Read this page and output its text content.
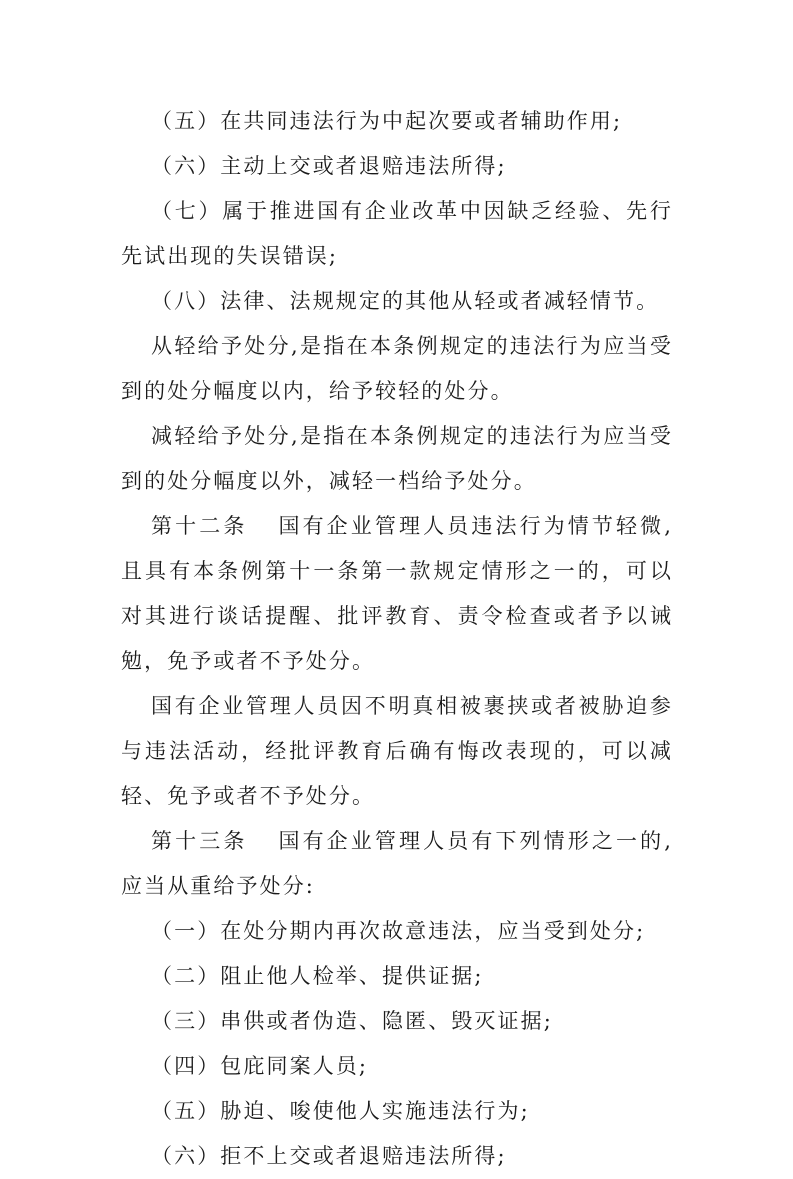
（五）在共同违法行为中起次要或者辅助作用;

（六）主动上交或者退赔违法所得;

（七）属于推进国有企业改革中因缺乏经验、先行先试出现的失误错误;

（八）法律、法规规定的其他从轻或者减轻情节。

从轻给予处分,是指在本条例规定的违法行为应当受到的处分幅度以内，给予较轻的处分。

减轻给予处分,是指在本条例规定的违法行为应当受到的处分幅度以外，减轻一档给予处分。

第十二条 国有企业管理人员违法行为情节轻微,且具有本条例第十一条第一款规定情形之一的，可以对其进行谈话提醒、批评教育、责令检查或者予以诫勉，免予或者不予处分。

国有企业管理人员因不明真相被裹挟或者被胁迫参与违法活动，经批评教育后确有悔改表现的，可以减轻、免予或者不予处分。

第十三条 国有企业管理人员有下列情形之一的,应当从重给予处分:

（一）在处分期内再次故意违法，应当受到处分;

（二）阻止他人检举、提供证据;

（三）串供或者伪造、隐匿、毁灭证据;

（四）包庇同案人员;

（五）胁迫、唆使他人实施违法行为;

（六）拒不上交或者退赔违法所得;
